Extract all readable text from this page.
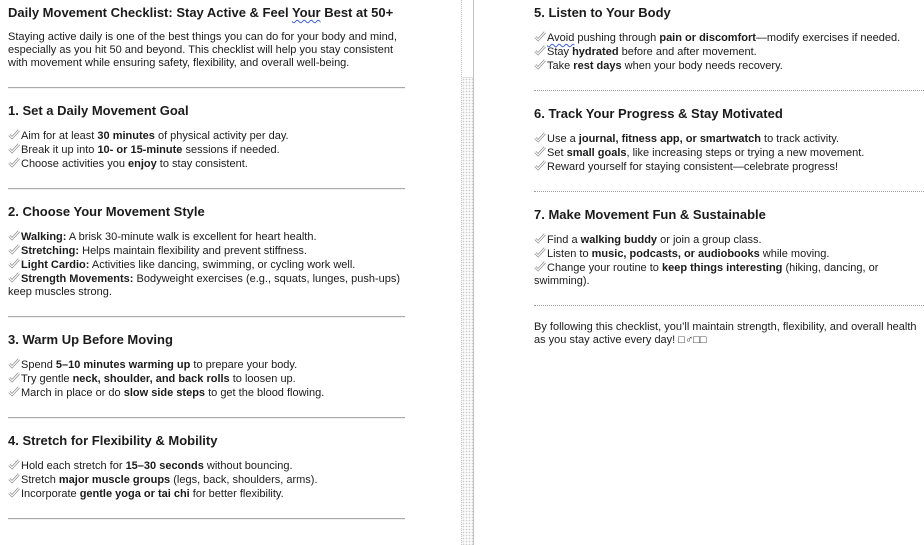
Daily Movement Checklist: Stay Active & Feel Your Best at 50+

Staying active daily is one of the best things you can do for your body and mind, especially as you hit 50 and beyond. This checklist will help you stay consistent with movement while ensuring safety, flexibility, and overall well-being.

1. Set a Daily Movement Goal
Aim for at least 30 minutes of physical activity per day.
Break it up into 10- or 15-minute sessions if needed.
Choose activities you enjoy to stay consistent.
2. Choose Your Movement Style
Walking: A brisk 30-minute walk is excellent for heart health.
Stretching: Helps maintain flexibility and prevent stiffness.
Light Cardio: Activities like dancing, swimming, or cycling work well.
Strength Movements: Bodyweight exercises (e.g., squats, lunges, push-ups) keep muscles strong.
3. Warm Up Before Moving
Spend 5–10 minutes warming up to prepare your body.
Try gentle neck, shoulder, and back rolls to loosen up.
March in place or do slow side steps to get the blood flowing.
4. Stretch for Flexibility & Mobility
Hold each stretch for 15–30 seconds without bouncing.
Stretch major muscle groups (legs, back, shoulders, arms).
Incorporate gentle yoga or tai chi for better flexibility.
5. Listen to Your Body
Avoid pushing through pain or discomfort—modify exercises if needed.
Stay hydrated before and after movement.
Take rest days when your body needs recovery.
6. Track Your Progress & Stay Motivated
Use a journal, fitness app, or smartwatch to track activity.
Set small goals, like increasing steps or trying a new movement.
Reward yourself for staying consistent—celebrate progress!
7. Make Movement Fun & Sustainable
Find a walking buddy or join a group class.
Listen to music, podcasts, or audiobooks while moving.
Change your routine to keep things interesting (hiking, dancing, or swimming).

By following this checklist, you’ll maintain strength, flexibility, and overall health as you stay active every day! □♂□□
